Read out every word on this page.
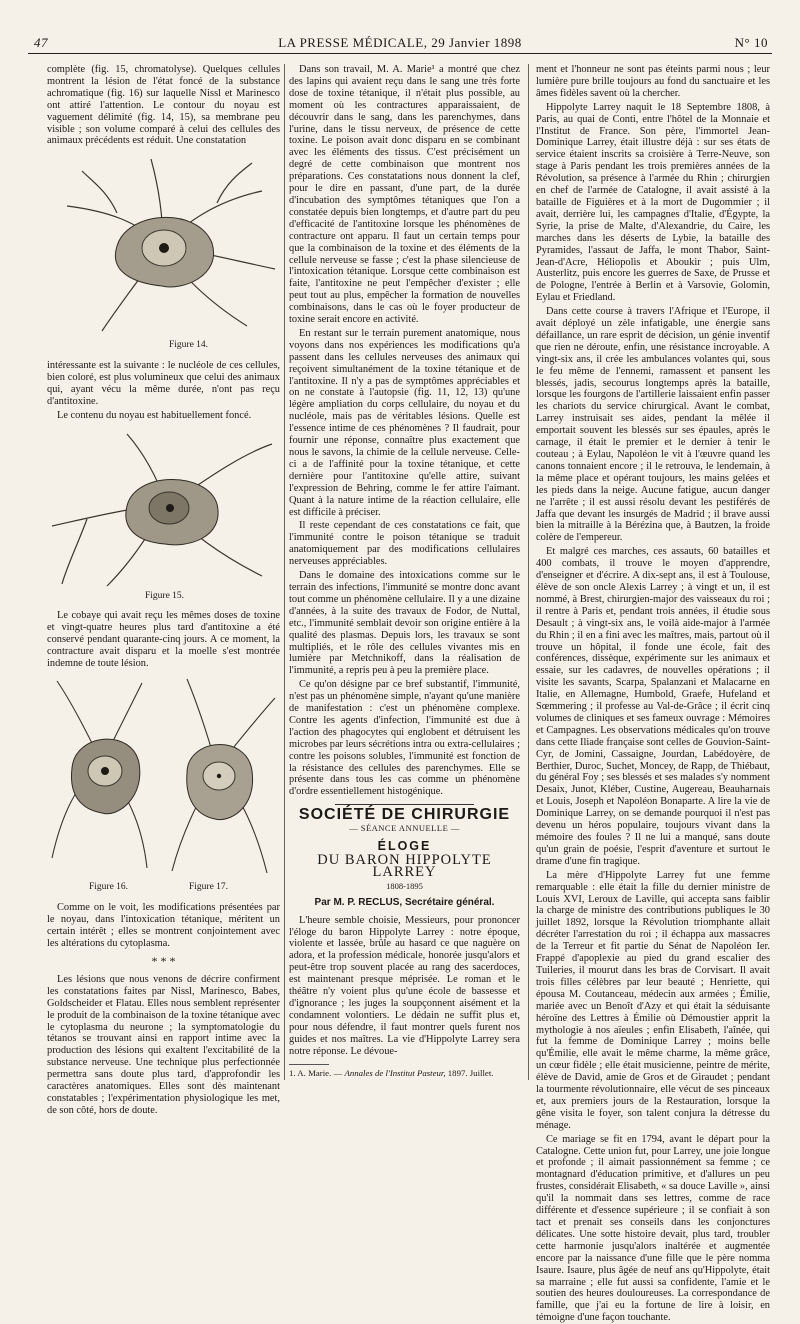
47	LA PRESSE MÉDICALE, 29 Janvier 1898	N° 10

complète (fig. 15, chromatolyse). Quelques cellules montrent la lésion de l'état foncé de la substance achromatique (fig. 16) sur laquelle Nissl et Marinesco ont attiré l'attention. Le contour du noyau est vaguement délimité (fig. 14, 15), sa membrane peu visible ; son volume comparé à celui des cellules des animaux précédents est réduit. Une constatation

Figure 14.

intéressante est la suivante : le nucléole de ces cellules, bien coloré, est plus volumineux que celui des animaux qui, ayant vécu la même durée, n'ont pas reçu d'antitoxine.

Le contenu du noyau est habituellement foncé.

Figure 15.

Le cobaye qui avait reçu les mêmes doses de toxine et vingt-quatre heures plus tard d'antitoxine a été conservé pendant quarante-cinq jours. A ce moment, la contracture avait disparu et la moelle s'est montrée indemne de toute lésion.

Figure 16.	Figure 17.

Comme on le voit, les modifications présentées par le noyau, dans l'intoxication tétanique, méritent un certain intérêt ; elles se montrent conjointement avec les altérations du cytoplasma.

* * *

Les lésions que nous venons de décrire confirment les constatations faites par Nissl, Marinesco, Babes, Goldscheider et Flatau. Elles nous semblent représenter le produit de la combinaison de la toxine tétanique avec le cytoplasma du neurone ; la symptomatologie du tétanos se trouvant ainsi en rapport intime avec la production des lésions qui exaltent l'excitabilité de la substance nerveuse. Une technique plus perfectionnée permettra sans doute plus tard, d'approfondir les caractères anatomiques. Elles sont dès maintenant constatables ; l'expérimentation physiologique les met, de son côté, hors de doute.

Dans son travail, M. A. Marie¹ a montré que chez des lapins qui avaient reçu dans le sang une très forte dose de toxine tétanique, il n'était plus possible, au moment où les contractures apparaissaient, de découvrir dans le sang, dans les parenchymes, dans l'urine, dans le tissu nerveux, de présence de cette toxine. Le poison avait donc disparu en se combinant avec les éléments des tissus. C'est précisément un degré de cette combinaison que montrent nos préparations. Ces constatations nous donnent la clef, pour le dire en passant, d'une part, de la durée d'incubation des symptômes tétaniques que l'on a constatée depuis bien longtemps, et d'autre part du peu d'efficacité de l'antitoxine lorsque les phénomènes de contracture ont apparu. Il faut un certain temps pour que la combinaison de la toxine et des éléments de la cellule nerveuse se fasse ; c'est la phase silencieuse de l'intoxication tétanique. Lorsque cette combinaison est faite, l'antitoxine ne peut l'empêcher d'exister ; elle peut tout au plus, empêcher la formation de nouvelles combinaisons, dans le cas où le foyer producteur de toxine serait encore en activité.

En restant sur le terrain purement anatomique, nous voyons dans nos expériences les modifications qu'a passent dans les cellules nerveuses des animaux qui reçoivent simultanément de la toxine tétanique et de l'antitoxine. Il n'y a pas de symptômes appréciables et on ne constate à l'autopsie (fig. 11, 12, 13) qu'une légère ampliation du corps cellulaire, du noyau et du nucléole, mais pas de véritables lésions. Quelle est l'essence intime de ces phénomènes ? Il faudrait, pour fournir une réponse, connaître plus exactement que nous le savons, la chimie de la cellule nerveuse. Celle-ci a de l'affinité pour la toxine tétanique, et cette dernière pour l'antitoxine qu'elle attire, suivant l'expression de Behring, comme le fer attire l'aimant. Quant à la nature intime de la réaction cellulaire, elle est difficile à préciser.

Il reste cependant de ces constatations ce fait, que l'immunité contre le poison tétanique se traduit anatomiquement par des modifications cellulaires nerveuses appréciables.

Dans le domaine des intoxications comme sur le terrain des infections, l'immunité se montre donc avant tout comme un phénomène cellulaire. Il y a une dizaine d'années, à la suite des travaux de Fodor, de Nuttal, etc., l'immunité semblait devoir son origine entière à la qualité des plasmas. Depuis lors, les travaux se sont multipliés, et le rôle des cellules vivantes mis en lumière par Metchnikoff, dans la réalisation de l'immunité, a repris peu à peu la première place.

Ce qu'on désigne par ce bref substantif, l'immunité, n'est pas un phénomène simple, n'ayant qu'une manière de manifestation : c'est un phénomène complexe. Contre les agents d'infection, l'immunité est due à l'action des phagocytes qui englobent et détruisent les microbes par leurs sécrétions intra ou extra-cellulaires ; contre les poisons solubles, l'immunité est fonction de la résistance des cellules des parenchymes. Elle se présente dans tous les cas comme un phénomène d'ordre essentiellement histogénique.

SOCIÉTÉ DE CHIRURGIE
— SÉANCE ANNUELLE —
ÉLOGE
DU BARON HIPPOLYTE LARREY
1808-1895
Par M. P. RECLUS, Secrétaire général.

L'heure semble choisie, Messieurs, pour prononcer l'éloge du baron Hippolyte Larrey : notre époque, violente et lassée, brûle au hasard ce que naguère on adora, et la profession médicale, honorée jusqu'alors et peut-être trop souvent placée au rang des sacerdoces, est maintenant presque méprisée. Le roman et le théâtre n'y voient plus qu'une école de bassesse et d'ignorance ; les juges la soupçonnent aisément et la condamnent volontiers. Le dédain ne suffit plus et, pour nous défendre, il faut montrer quels furent nos guides et nos maîtres. La vie d'Hippolyte Larrey sera notre réponse. Le dévoue-

1. A. Marie. — Annales de l'Institut Pasteur, 1897. Juillet.

ment et l'honneur ne sont pas éteints parmi nous ; leur lumière pure brille toujours au fond du sanctuaire et les âmes fidèles savent où la chercher.

Hippolyte Larrey naquit le 18 Septembre 1808, à Paris, au quai de Conti, entre l'hôtel de la Monnaie et l'Institut de France. Son père, l'immortel Jean-Dominique Larrey, était illustre déjà : sur ses états de service étaient inscrits sa croisière à Terre-Neuve, son stage à Paris pendant les trois premières années de la Révolution, sa présence à l'armée du Rhin ; chirurgien en chef de l'armée de Catalogne, il avait assisté à la bataille de Figuières et à la mort de Dugommier ; il avait, derrière lui, les campagnes d'Italie, d'Égypte, la Syrie, la prise de Malte, d'Alexandrie, du Caire, les marches dans les déserts de Lybie, la bataille des Pyramides, l'assaut de Jaffa, le mont Thabor, Saint-Jean-d'Acre, Héliopolis et Aboukir ; puis Ulm, Austerlitz, puis encore les guerres de Saxe, de Prusse et de Pologne, l'entrée à Berlin et à Varsovie, Golomin, Eylau et Friedland.

Dans cette course à travers l'Afrique et l'Europe, il avait déployé un zèle infatigable, une énergie sans défaillance, un rare esprit de décision, un génie inventif que rien ne déroute, enfin, une résistance incroyable. A vingt-six ans, il crée les ambulances volantes qui, sous le feu même de l'ennemi, ramassent et pansent les blessés, jadis, secourus longtemps après la bataille, lorsque les fourgons de l'artillerie laissaient enfin passer les chariots du service chirurgical. Avant le combat, Larrey instruisait ses aides, pendant la mêlée il emportait souvent les blessés sur ses épaules, après le carnage, il était le premier et le dernier à tenir le couteau ; à Eylau, Napoléon le vit à l'œuvre quand les canons tonnaient encore ; il le retrouva, le lendemain, à la même place et opérant toujours, les mains gelées et les pieds dans la neige. Aucune fatigue, aucun danger ne l'arrête ; il est aussi résolu devant les pestiférés de Jaffa que devant les insurgés de Madrid ; il brave aussi bien la mitraille à la Bérézina que, à Bautzen, la froide colère de l'empereur.

Et malgré ces marches, ces assauts, 60 batailles et 400 combats, il trouve le moyen d'apprendre, d'enseigner et d'écrire. A dix-sept ans, il est à Toulouse, élève de son oncle Alexis Larrey ; à vingt et un, il est nommé, à Brest, chirurgien-major des vaisseaux du roi ; il rentre à Paris et, pendant trois années, il étudie sous Desault ; à vingt-six ans, le voilà aide-major à l'armée du Rhin ; il en a fini avec les maîtres, mais, partout où il trouve un hôpital, il fonde une école, fait des conférences, dissèque, expérimente sur les animaux et essaie, sur les cadavres, de nouvelles opérations ; il visite les savants, Scarpa, Spalanzani et Malacarne en Italie, en Allemagne, Humbold, Graefe, Hufeland et Sœmmering ; il professe au Val-de-Grâce ; il écrit cinq volumes de cliniques et ses fameux ouvrage : Mémoires et Campagnes. Les observations médicales qu'on trouve dans cette Iliade française sont celles de Gouvion-Saint-Cyr, de Jomini, Cassaigne, Jourdan, Labédoyère, de Berthier, Duroc, Suchet, Moncey, de Rapp, de Thiébaut, du général Foy ; ses blessés et ses malades s'y nomment Desaix, Junot, Kléber, Custine, Augereau, Beauharnais et Louis, Joseph et Napoléon Bonaparte. A lire la vie de Dominique Larrey, on se demande pourquoi il n'est pas devenu un héros populaire, toujours vivant dans la mémoire des foules ? Il ne lui a manqué, sans doute qu'un grain de poésie, l'esprit d'aventure et surtout le drame d'une fin tragique.

La mère d'Hippolyte Larrey fut une femme remarquable : elle était la fille du dernier ministre de Louis XVI, Leroux de Laville, qui accepta sans faiblir la charge de ministre des contributions publiques le 30 juillet 1892, lorsque la Révolution triomphante allait décréter l'arrestation du roi ; il échappa aux massacres de la Terreur et fit partie du Sénat de Napoléon Ier. Frappé d'apoplexie au pied du grand escalier des Tuileries, il mourut dans les bras de Corvisart. Il avait trois filles célèbres par leur beauté ; Henriette, qui épousa M. Coutanceau, médecin aux armées ; Émilie, mariée avec un Benoît d'Azy et qui était la séduisante héroïne des Lettres à Émilie où Démoustier apprit la mythologie à nos aïeules ; enfin Elisabeth, l'aînée, qui fut la femme de Dominique Larrey ; moins belle qu'Émilie, elle avait le même charme, la même grâce, un cœur fidèle ; elle était musicienne, peintre de mérite, élève de David, amie de Gros et de Giraudet ; pendant la tourmente révolutionnaire, elle vécut de ses pinceaux et, aux premiers jours de la Restauration, lorsque la gêne visita le foyer, son talent conjura la détresse du ménage.

Ce mariage se fit en 1794, avant le départ pour la Catalogne. Cette union fut, pour Larrey, une joie longue et profonde ; il aimait passionnément sa femme ; ce montagnard d'éducation primitive, et d'allures un peu frustes, considérait Elisabeth, « sa douce Laville », ainsi qu'il la nommait dans ses lettres, comme de race différente et d'essence supérieure ; il se confiait à son tact et prenait ses conseils dans les conjonctures délicates. Une sotte histoire devait, plus tard, troubler cette harmonie jusqu'alors inaltérée et augmentée encore par la naissance d'une fille que le père nomma Isaure. Isaure, plus âgée de neuf ans qu'Hippolyte, était sa marraine ; elle fut aussi sa confidente, l'amie et le soutien des heures douloureuses. La correspondance de famille, que j'ai eu la fortune de lire à loisir, en témoigne d'une façon touchante.
